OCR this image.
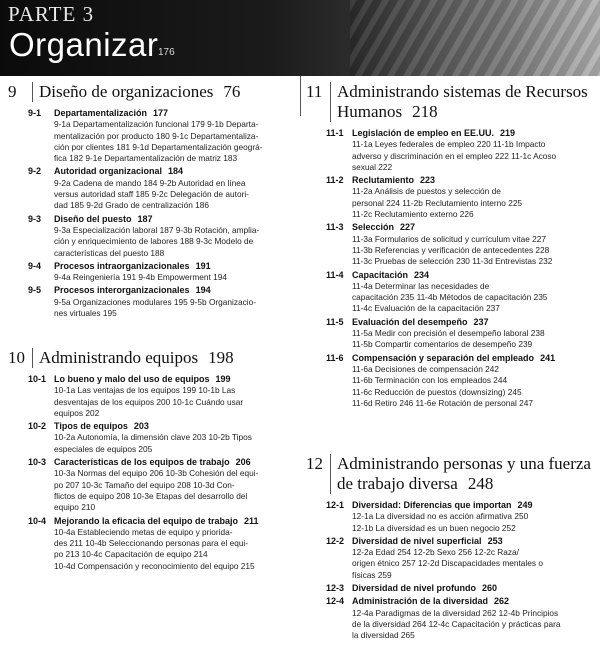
PARTE 3
Organizar 176
9	Diseño de organizaciones 76
9-1 Departamentalización 177
9-1a Departamentalización funcional 179 9-1b Departa-
mentalización por producto 180 9-1c Departamentaliza-
ción por clientes 181 9-1d Departamentalización geográ-
fica 182 9-1e Departamentalización de matriz 183
9-2 Autoridad organizacional 184
9-2a Cadena de mando 184 9-2b Autoridad en línea
versus autoridad staff 185 9-2c Delegación de autori-
dad 185 9-2d Grado de centralización 186
9-3 Diseño del puesto 187
9-3a Especialización laboral 187 9-3b Rotación, amplia-
ción y enriquecimiento de labores 188 9-3c Modelo de
características del puesto 188
9-4 Procesos intraorganizacionales 191
9-4a Reingeniería 191 9-4b Empowerment 194
9-5 Procesos interorganizacionales 194
9-5a Organizaciones modulares 195 9-5b Organizacio-
nes virtuales 195
10 Administrando equipos 198
10-1 Lo bueno y malo del uso de equipos 199
10-1a Las ventajas de los equipos 199 10-1b Las
desventajas de los equipos 200 10-1c Cuándo usar
equipos 202
10-2 Tipos de equipos 203
10-2a Autonomía, la dimensión clave 203 10-2b Tipos
especiales de equipos 205
10-3 Características de los equipos de trabajo 206
10-3a Normas del equipo 206 10-3b Cohesión del equi-
po 207 10-3c Tamaño del equipo 208 10-3d Con-
flictos de equipo 208 10-3e Etapas del desarrollo del
equipo 210
10-4 Mejorando la eficacia del equipo de trabajo 211
10-4a Estableciendo metas de equipo y priorida-
des 211 10-4b Seleccionando personas para el equi-
po 213 10-4c Capacitación de equipo 214
10-4d Compensación y reconocimiento del equipo 215
11 Administrando sistemas de Recursos Humanos 218
11-1 Legislación de empleo en EE.UU. 219
11-1a Leyes federales de empleo 220 11-1b Impacto
adverso y discriminación en el empleo 222 11-1c Acoso
sexual 222
11-2 Reclutamiento 223
11-2a Análisis de puestos y selección de
personal 224 11-2b Reclutamiento interno 225
11-2c Reclutamiento externo 226
11-3 Selección 227
11-3a Formularios de solicitud y currículum vitae 227
11-3b Referencias y verificación de antecedentes 228
11-3c Pruebas de selección 230 11-3d Entrevistas 232
11-4 Capacitación 234
11-4a Determinar las necesidades de
capacitación 235 11-4b Métodos de capacitación 235
11-4c Evaluación de la capacitación 237
11-5 Evaluación del desempeño 237
11-5a Medir con precisión el desempeño laboral 238
11-5b Compartir comentarios de desempeño 239
11-6 Compensación y separación del empleado 241
11-6a Decisiones de compensación 242
11-6b Terminación con los empleados 244
11-6c Reducción de puestos (downsizing) 245
11-6d Retiro 246 11-6e Rotación de personal 247
12 Administrando personas y una fuerza de trabajo diversa 248
12-1 Diversidad: Diferencias que importan 249
12-1a La diversidad no es acción afirmativa 250
12-1b La diversidad es un buen negocio 252
12-2 Diversidad de nivel superficial 253
12-2a Edad 254 12-2b Sexo 256 12-2c Raza/
origen étnico 257 12-2d Discapacidades mentales o
físicas 259
12-3 Diversidad de nivel profundo 260
12-4 Administración de la diversidad 262
12-4a Paradigmas de la diversidad 262 12-4b Principios
de la diversidad 264 12-4c Capacitación y prácticas para
la diversidad 265
